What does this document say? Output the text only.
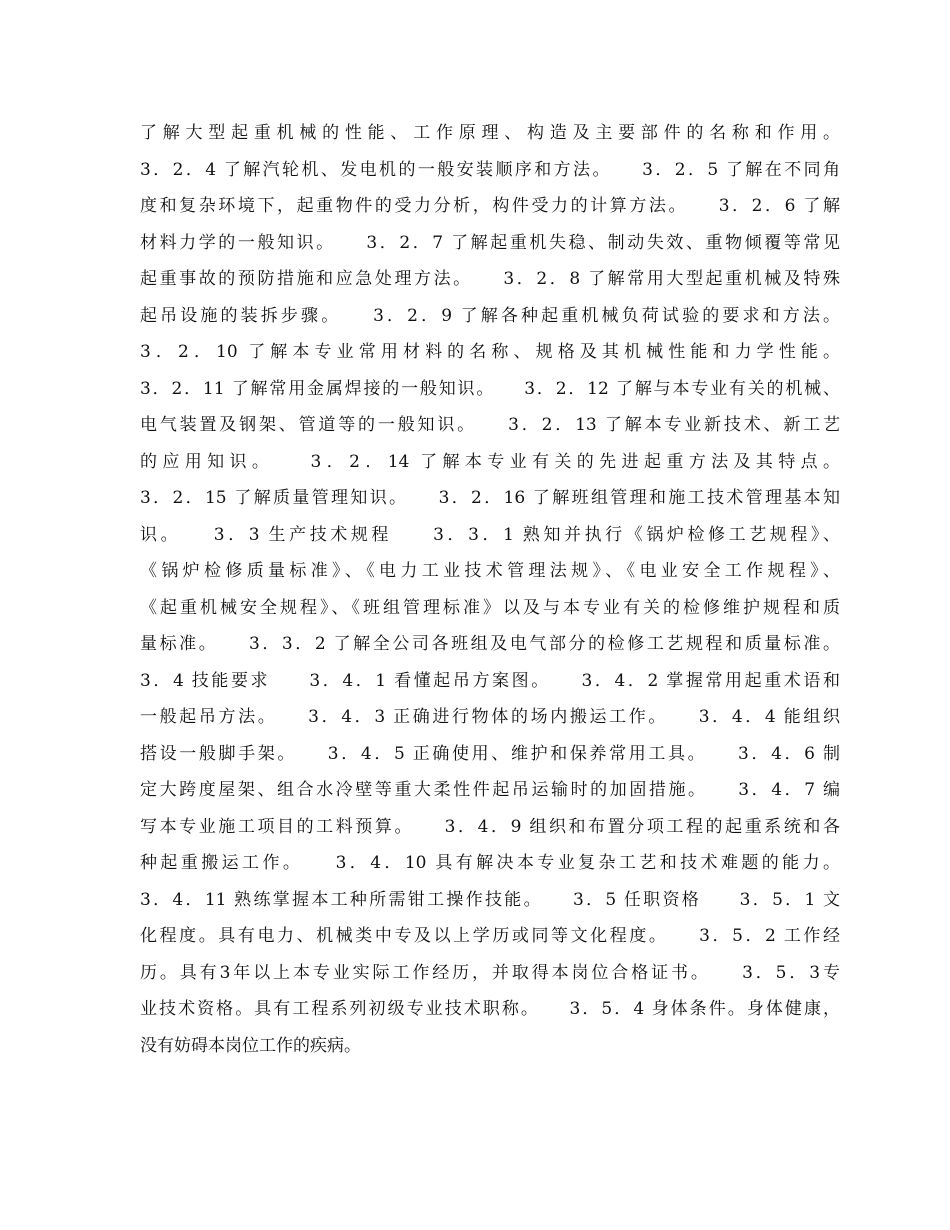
了解大型起重机械的性能、工作原理、构造及主要部件的名称和作用。
3．2．4 了解汽轮机、发电机的一般安装顺序和方法。　　3．2．5 了解在不同角
度和复杂环境下，起重物件的受力分析，构件受力的计算方法。　　3．2．6 了解
材料力学的一般知识。　　3．2．7 了解起重机失稳、制动失效、重物倾覆等常见
起重事故的预防措施和应急处理方法。　　3．2．8 了解常用大型起重机械及特殊
起吊设施的装拆步骤。　　3．2．9 了解各种起重机械负荷试验的要求和方法。
3．2．10 了解本专业常用材料的名称、规格及其机械性能和力学性能。
3．2．11 了解常用金属焊接的一般知识。　　3．2．12 了解与本专业有关的机械、
电气装置及钢架、管道等的一般知识。　　3．2．13 了解本专业新技术、新工艺
的应用知识。　　3．2．14 了解本专业有关的先进起重方法及其特点。
3．2．15 了解质量管理知识。　　3．2．16 了解班组管理和施工技术管理基本知
识。　　3．3 生产技术规程　　3．3．1 熟知并执行《锅炉检修工艺规程》、
《锅炉检修质量标准》、《电力工业技术管理法规》、《电业安全工作规程》、
《起重机械安全规程》、《班组管理标准》以及与本专业有关的检修维护规程和质
量标准。　　3．3．2 了解全公司各班组及电气部分的检修工艺规程和质量标准。
3．4 技能要求　　3．4．1 看懂起吊方案图。　　3．4．2 掌握常用起重术语和
一般起吊方法。　　3．4．3 正确进行物体的场内搬运工作。　　3．4．4 能组织
搭设一般脚手架。　　3．4．5 正确使用、维护和保养常用工具。　　3．4．6 制
定大跨度屋架、组合水冷壁等重大柔性件起吊运输时的加固措施。　　3．4．7 编
写本专业施工项目的工料预算。　　3．4．9 组织和布置分项工程的起重系统和各
种起重搬运工作。　　3．4．10 具有解决本专业复杂工艺和技术难题的能力。
3．4．11 熟练掌握本工种所需钳工操作技能。　　3．5 任职资格　　3．5．1 文
化程度。具有电力、机械类中专及以上学历或同等文化程度。　　3．5．2 工作经
历。具有3年以上本专业实际工作经历，并取得本岗位合格证书。　　3．5．3专
业技术资格。具有工程系列初级专业技术职称。　　3．5．4 身体条件。身体健康，
没有妨碍本岗位工作的疾病。
